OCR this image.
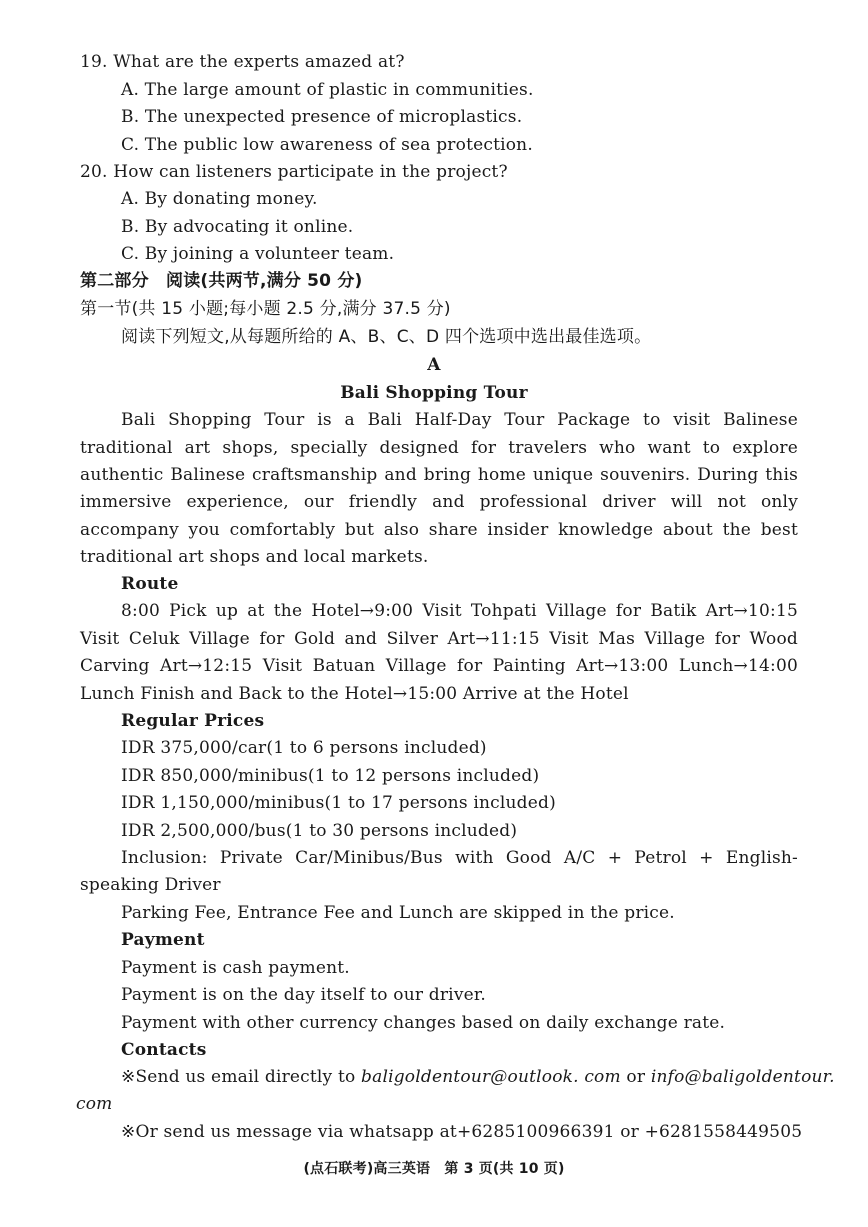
19. What are the experts amazed at?
A. The large amount of plastic in communities.
B. The unexpected presence of microplastics.
C. The public low awareness of sea protection.
20. How can listeners participate in the project?
A. By donating money.
B. By advocating it online.
C. By joining a volunteer team.
第二部分　阅读(共两节,满分 50 分)
第一节(共 15 小题;每小题 2.5 分,满分 37.5 分)
阅读下列短文,从每题所给的 A、B、C、D 四个选项中选出最佳选项。
A
Bali Shopping Tour
Bali Shopping Tour is a Bali Half-Day Tour Package to visit Balinese
traditional art shops, specially designed for travelers who want to explore
authentic Balinese craftsmanship and bring home unique souvenirs. During this
immersive experience, our friendly and professional driver will not only
accompany you comfortably but also share insider knowledge about the best
traditional art shops and local markets.
Route
8:00 Pick up at the Hotel→9:00 Visit Tohpati Village for Batik Art→10:15
Visit Celuk Village for Gold and Silver Art→11:15 Visit Mas Village for Wood
Carving Art→12:15 Visit Batuan Village for Painting Art→13:00 Lunch→14:00
Lunch Finish and Back to the Hotel→15:00 Arrive at the Hotel
Regular Prices
IDR 375,000/car(1 to 6 persons included)
IDR 850,000/minibus(1 to 12 persons included)
IDR 1,150,000/minibus(1 to 17 persons included)
IDR 2,500,000/bus(1 to 30 persons included)
Inclusion: Private Car/Minibus/Bus with Good A/C + Petrol + English-
speaking Driver
Parking Fee, Entrance Fee and Lunch are skipped in the price.
Payment
Payment is cash payment.
Payment is on the day itself to our driver.
Payment with other currency changes based on daily exchange rate.
Contacts
※Send us email directly to baligoldentour@outlook. com or info@baligoldentour.
com
※Or send us message via whatsapp at+6285100966391 or +6281558449505
(点石联考)高三英语　第 3 页(共 10 页)
